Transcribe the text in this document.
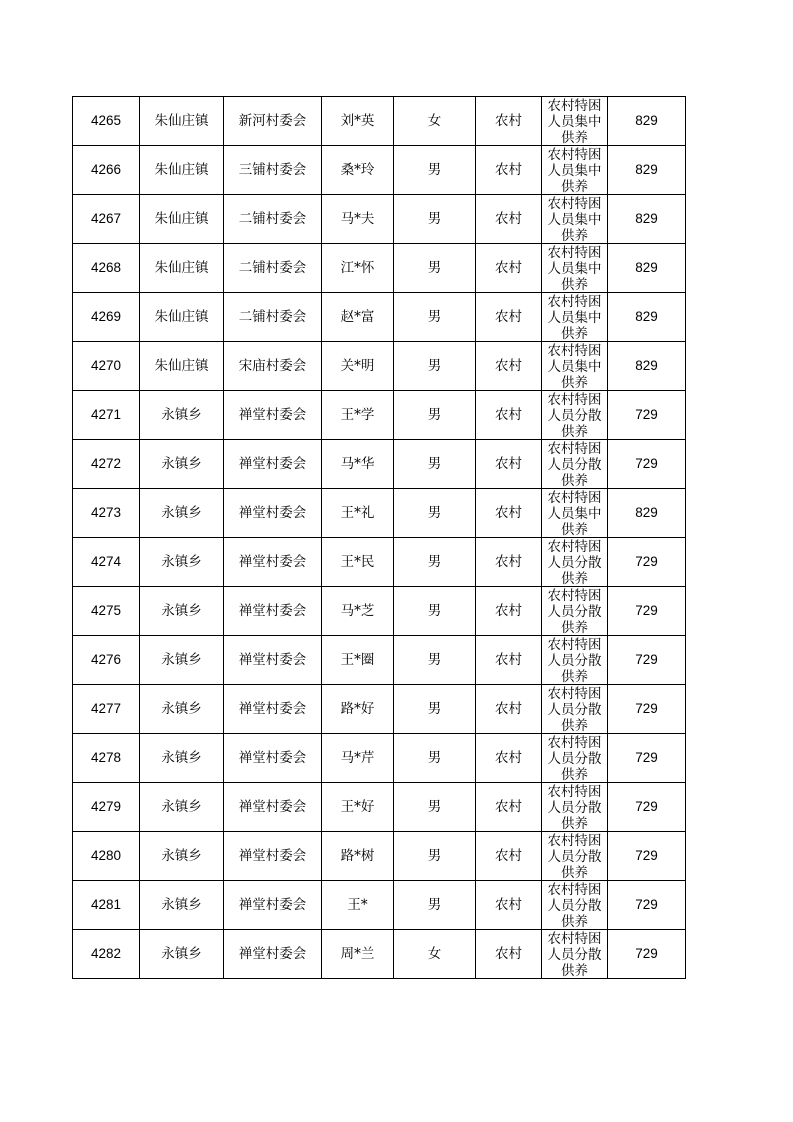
4265	朱仙庄镇	新河村委会	刘*英	女	农村	农村特困
人员集中
供养	829
4266	朱仙庄镇	三铺村委会	桑*玲	男	农村	农村特困
人员集中
供养	829
4267	朱仙庄镇	二铺村委会	马*夫	男	农村	农村特困
人员集中
供养	829
4268	朱仙庄镇	二铺村委会	江*怀	男	农村	农村特困
人员集中
供养	829
4269	朱仙庄镇	二铺村委会	赵*富	男	农村	农村特困
人员集中
供养	829
4270	朱仙庄镇	宋庙村委会	关*明	男	农村	农村特困
人员集中
供养	829
4271	永镇乡	禅堂村委会	王*学	男	农村	农村特困
人员分散
供养	729
4272	永镇乡	禅堂村委会	马*华	男	农村	农村特困
人员分散
供养	729
4273	永镇乡	禅堂村委会	王*礼	男	农村	农村特困
人员集中
供养	829
4274	永镇乡	禅堂村委会	王*民	男	农村	农村特困
人员分散
供养	729
4275	永镇乡	禅堂村委会	马*芝	男	农村	农村特困
人员分散
供养	729
4276	永镇乡	禅堂村委会	王*圈	男	农村	农村特困
人员分散
供养	729
4277	永镇乡	禅堂村委会	路*好	男	农村	农村特困
人员分散
供养	729
4278	永镇乡	禅堂村委会	马*芹	男	农村	农村特困
人员分散
供养	729
4279	永镇乡	禅堂村委会	王*好	男	农村	农村特困
人员分散
供养	729
4280	永镇乡	禅堂村委会	路*树	男	农村	农村特困
人员分散
供养	729
4281	永镇乡	禅堂村委会	王*	男	农村	农村特困
人员分散
供养	729
4282	永镇乡	禅堂村委会	周*兰	女	农村	农村特困
人员分散
供养	729
